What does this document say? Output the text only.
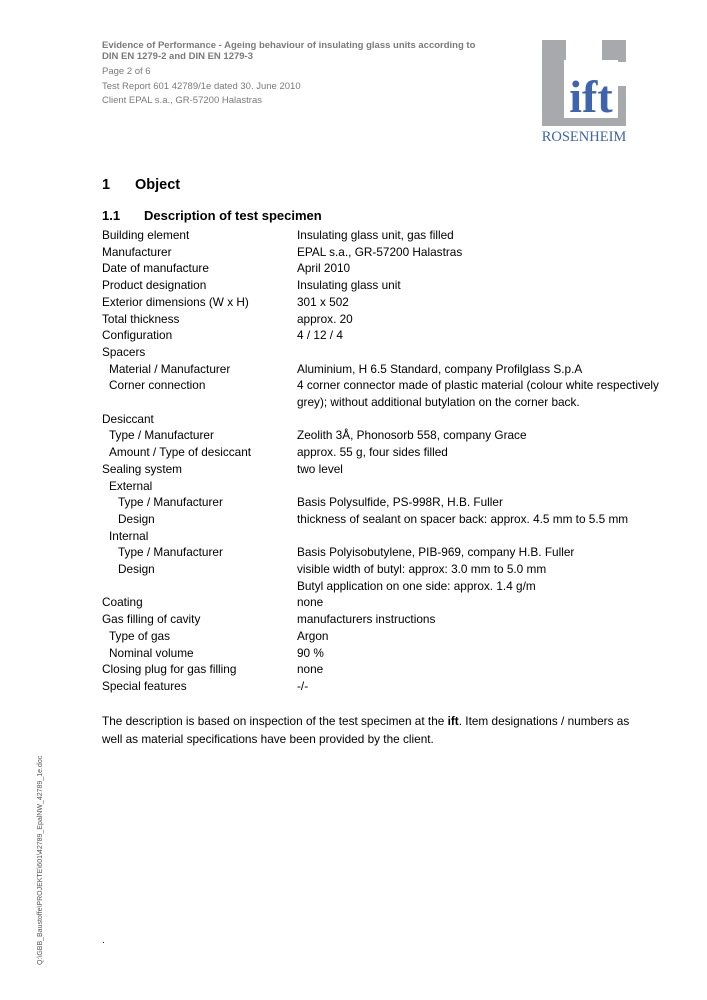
Evidence of Performance - Ageing behaviour of insulating glass units according to
DIN EN 1279-2 and DIN EN 1279-3
Page 2 of 6
Test Report 601 42789/1e dated 30. June 2010
Client EPAL s.a., GR-57200 Halastras	ift
ROSENHEIM
1 Object
1.1 Description of test specimen
Building element	Insulating glass unit, gas filled
Manufacturer	EPAL s.a., GR-57200 Halastras
Date of manufacture	April 2010
Product designation	Insulating glass unit
Exterior dimensions (W x H)	301 x 502
Total thickness	approx. 20
Configuration	4 / 12 / 4
Spacers	
Material / Manufacturer	Aluminium, H 6.5 Standard, company Profilglass S.p.A
Corner connection	4 corner connector made of plastic material (colour white respectively grey); without additional butylation on the corner back.
Desiccant	
Type / Manufacturer	Zeolith 3Å, Phonosorb 558, company Grace
Amount / Type of desiccant	approx. 55 g, four sides filled
Sealing system	two level
External	
Type / Manufacturer	Basis Polysulfide, PS-998R, H.B. Fuller
Design	thickness of sealant on spacer back: approx. 4.5 mm to 5.5 mm
Internal	
Type / Manufacturer	Basis Polyisobutylene, PIB-969, company H.B. Fuller
Design	visible width of butyl: approx: 3.0 mm to 5.0 mm
	Butyl application on one side: approx. 1.4 g/m
Coating	none
Gas filling of cavity	manufacturers instructions
Type of gas	Argon
Nominal volume	90 %
Closing plug for gas filling	none
Special features	-/-

The description is based on inspection of the test specimen at the ift. Item designations / numbers as well as material specifications have been provided by the client.

Q:\GBB_Baustoffe\PROJEKTE\601\42789_EpalNW_42789_1e.doc	.
